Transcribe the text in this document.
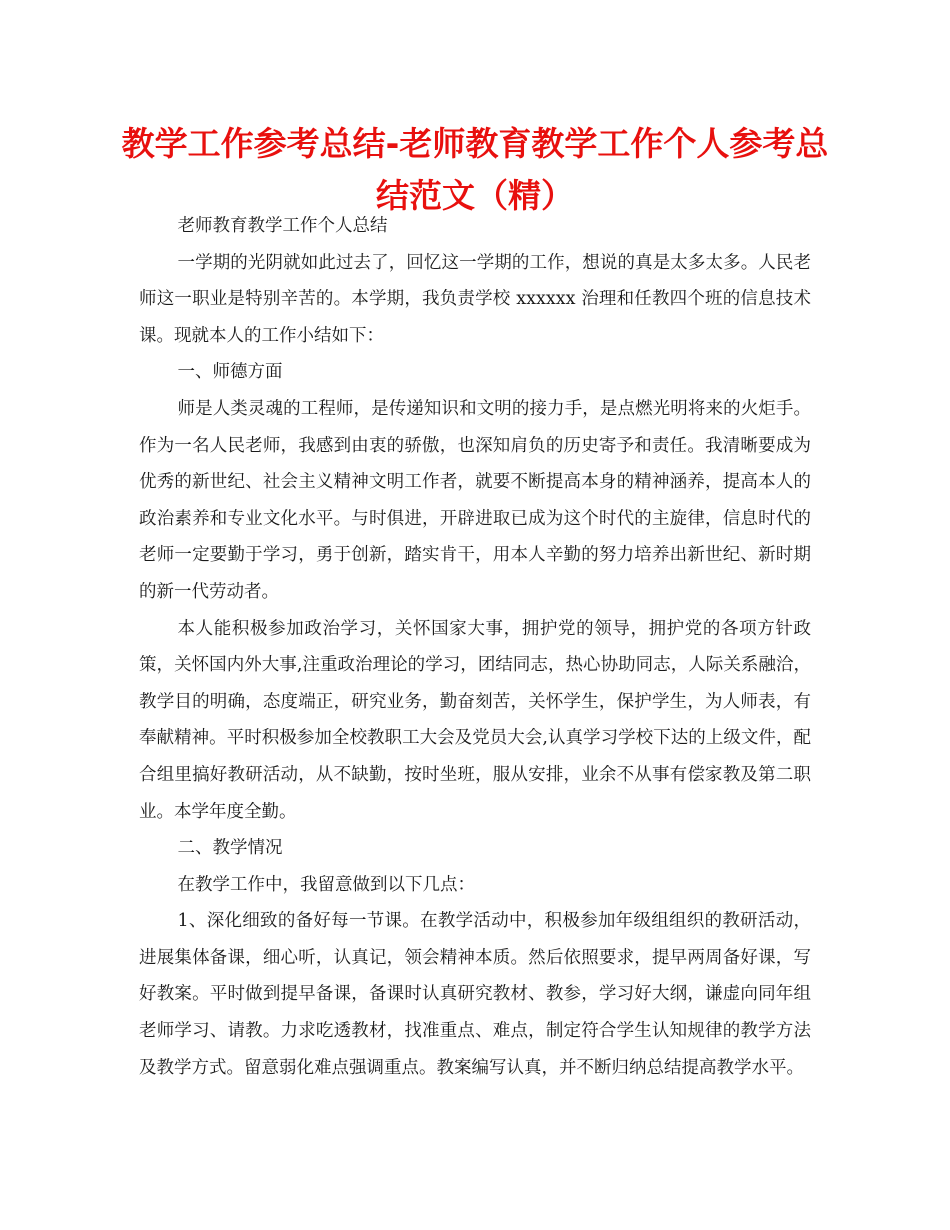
教学工作参考总结-老师教育教学工作个人参考总结范文（精）

老师教育教学工作个人总结

一学期的光阴就如此过去了，回忆这一学期的工作，想说的真是太多太多。人民老师这一职业是特别辛苦的。本学期，我负责学校 xxxxxx 治理和任教四个班的信息技术课。现就本人的工作小结如下：

一、师德方面

师是人类灵魂的工程师，是传递知识和文明的接力手，是点燃光明将来的火炬手。作为一名人民老师，我感到由衷的骄傲，也深知肩负的历史寄予和责任。我清晰要成为优秀的新世纪、社会主义精神文明工作者，就要不断提高本身的精神涵养，提高本人的政治素养和专业文化水平。与时俱进，开辟进取已成为这个时代的主旋律，信息时代的老师一定要勤于学习，勇于创新，踏实肯干，用本人辛勤的努力培养出新世纪、新时期的新一代劳动者。

本人能积极参加政治学习，关怀国家大事，拥护党的领导，拥护党的各项方针政策，关怀国内外大事,注重政治理论的学习，团结同志，热心协助同志，人际关系融洽，教学目的明确，态度端正，研究业务，勤奋刻苦，关怀学生，保护学生，为人师表，有奉献精神。平时积极参加全校教职工大会及党员大会,认真学习学校下达的上级文件，配合组里搞好教研活动，从不缺勤，按时坐班，服从安排，业余不从事有偿家教及第二职业。本学年度全勤。

二、教学情况

在教学工作中，我留意做到以下几点：

1、深化细致的备好每一节课。在教学活动中，积极参加年级组组织的教研活动，进展集体备课，细心听，认真记，领会精神本质。然后依照要求，提早两周备好课，写好教案。平时做到提早备课，备课时认真研究教材、教参，学习好大纲，谦虚向同年组老师学习、请教。力求吃透教材，找准重点、难点，制定符合学生认知规律的教学方法及教学方式。留意弱化难点强调重点。教案编写认真，并不断归纳总结提高教学水平。
